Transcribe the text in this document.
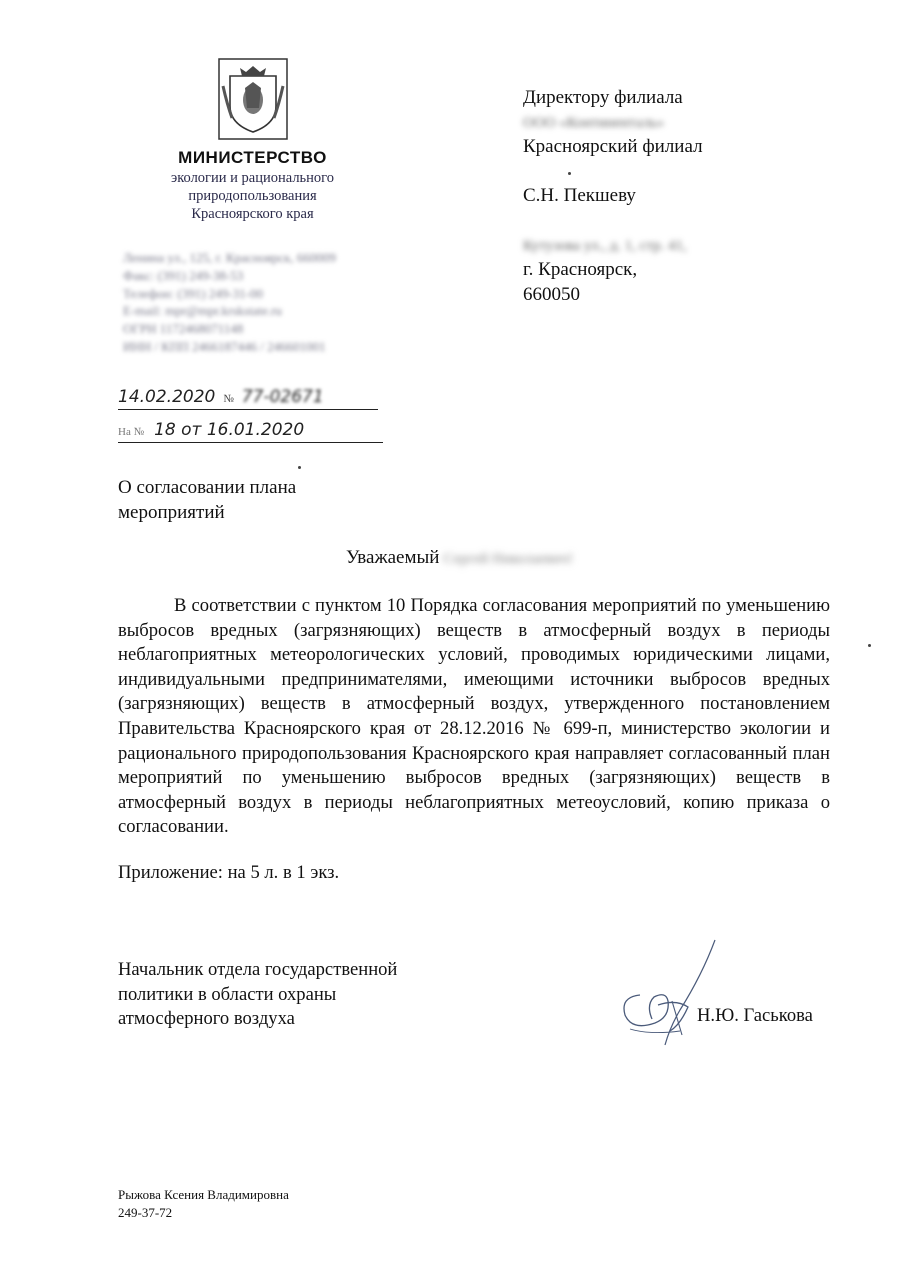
МИНИСТЕРСТВО
экологии и рационального
природопользования
Красноярского края
Ленина ул., 125, г. Красноярск, 660009
Факс: (391) 249-38-53
Телефон: (391) 249-31-00
E-mail: mpr@mpr.krskstate.ru
ОГРН 1172468071148
ИНН / КПП 2466187446 / 246601001
14.02.2020 № 77-02671
На № 18 от 16.01.2020
Директору филиала
ООО «Континенталь»
Красноярский филиал
С.Н. Пекшеву
Кутузова ул., д. 1, стр. 41,
г. Красноярск,
660050
О согласовании плана
мероприятий
Уважаемый Сергей Николаевич!
В соответствии с пунктом 10 Порядка согласования мероприятий по уменьшению выбросов вредных (загрязняющих) веществ в атмосферный воздух в периоды неблагоприятных метеорологических условий, проводимых юридическими лицами, индивидуальными предпринимателями, имеющими источники выбросов вредных (загрязняющих) веществ в атмосферный воздух, утвержденного постановлением Правительства Красноярского края от 28.12.2016 № 699-п, министерство экологии и рационального природопользования Красноярского края направляет согласованный план мероприятий по уменьшению выбросов вредных (загрязняющих) веществ в атмосферный воздух в периоды неблагоприятных метеоусловий, копию приказа о согласовании.
Приложение: на 5 л. в 1 экз.
Начальник отдела государственной
политики в области охраны
атмосферного воздуха	Н.Ю. Гаськова
Рыжова Ксения Владимировна
249-37-72
